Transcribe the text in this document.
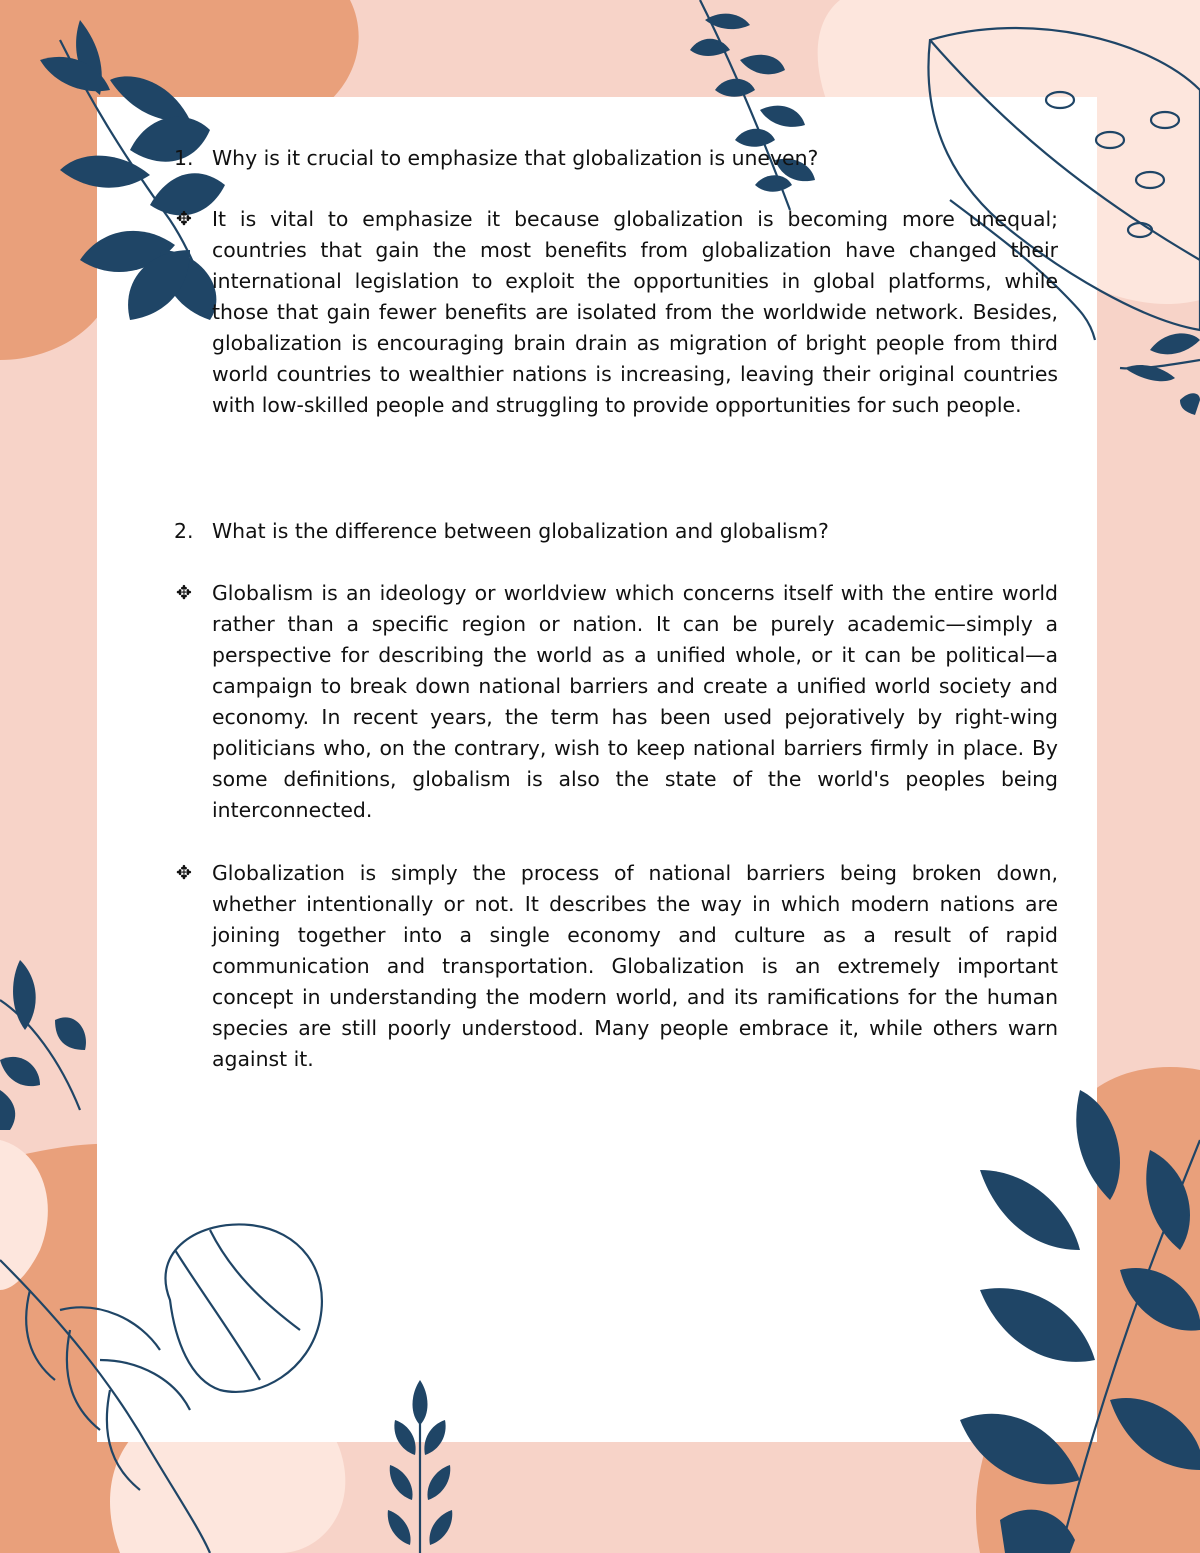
1. Why is it crucial to emphasize that globalization is uneven?
✥ It is vital to emphasize it because globalization is becoming more unequal; countries that gain the most benefits from globalization have changed their international legislation to exploit the opportunities in global platforms, while those that gain fewer benefits are isolated from the worldwide network. Besides, globalization is encouraging brain drain as migration of bright people from third world countries to wealthier nations is increasing, leaving their original countries with low-skilled people and struggling to provide opportunities for such people.
2. What is the difference between globalization and globalism?
✥ Globalism is an ideology or worldview which concerns itself with the entire world rather than a specific region or nation. It can be purely academic—simply a perspective for describing the world as a unified whole, or it can be political—a campaign to break down national barriers and create a unified world society and economy. In recent years, the term has been used pejoratively by right-wing politicians who, on the contrary, wish to keep national barriers firmly in place. By some definitions, globalism is also the state of the world's peoples being interconnected.
✥ Globalization is simply the process of national barriers being broken down, whether intentionally or not. It describes the way in which modern nations are joining together into a single economy and culture as a result of rapid communication and transportation. Globalization is an extremely important concept in understanding the modern world, and its ramifications for the human species are still poorly understood. Many people embrace it, while others warn against it.
